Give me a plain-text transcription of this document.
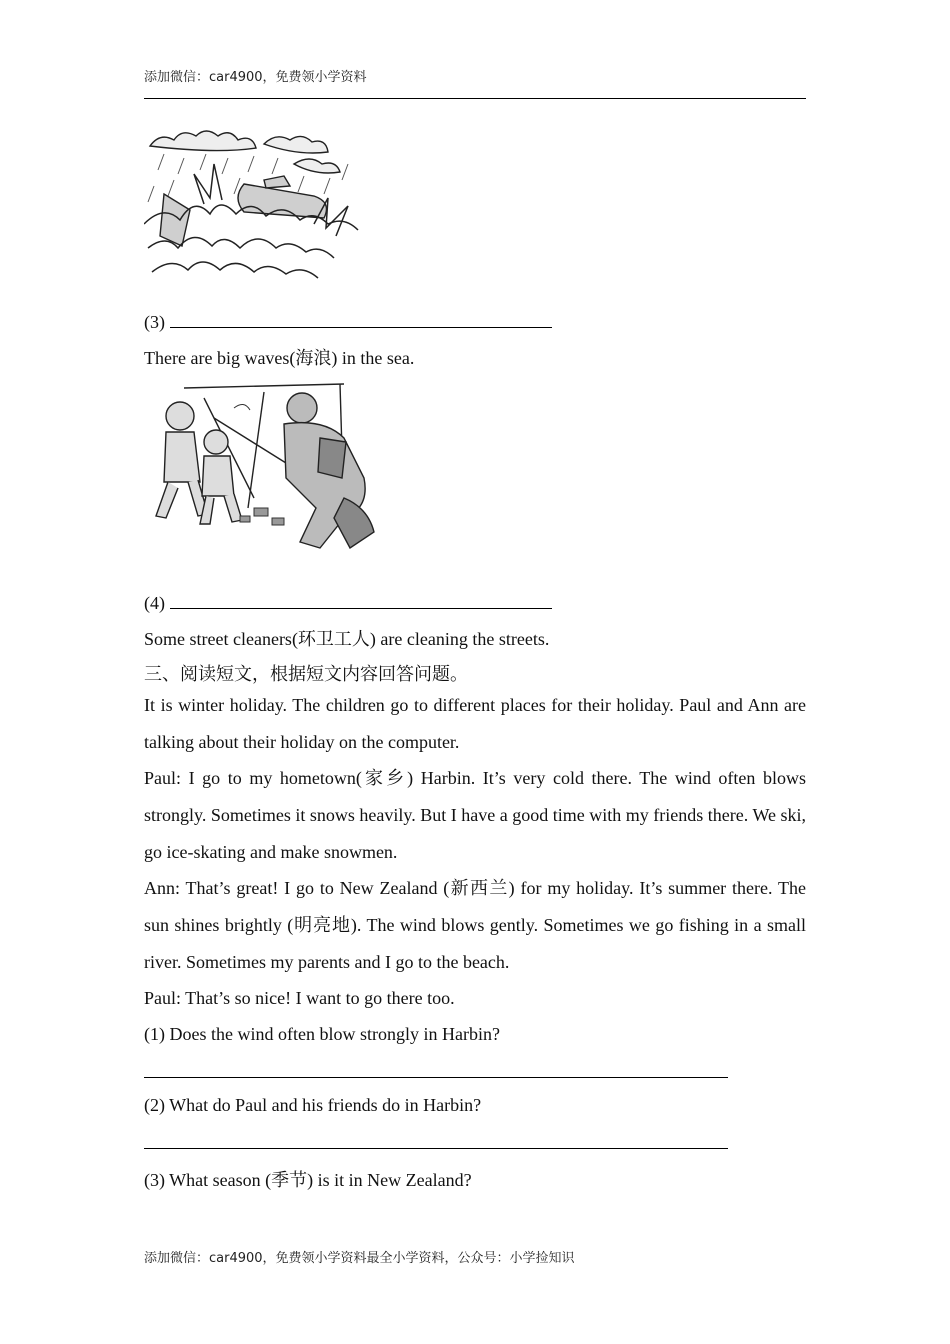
添加微信：car4900，免费领小学资料
(3)
There are big waves(海浪) in the sea.
(4)
Some street cleaners(环卫工人) are cleaning the streets.
三、阅读短文，根据短文内容回答问题。
It is winter holiday. The children go to different places for their holiday. Paul and Ann are talking about their holiday on the computer.
Paul: I go to my hometown(家乡) Harbin. It’s very cold there. The wind often blows strongly. Sometimes it snows heavily. But I have a good time with my friends there. We ski, go ice-skating and make snowmen.
Ann: That’s great! I go to New Zealand (新西兰) for my holiday. It’s summer there. The sun shines brightly (明亮地). The wind blows gently. Sometimes we go fishing in a small river. Sometimes my parents and I go to the beach.
Paul: That’s so nice! I want to go there too.
(1) Does the wind often blow strongly in Harbin?
(2) What do Paul and his friends do in Harbin?
(3) What season (季节) is it in New Zealand?
添加微信：car4900，免费领小学资料最全小学资料，公众号：小学捡知识
